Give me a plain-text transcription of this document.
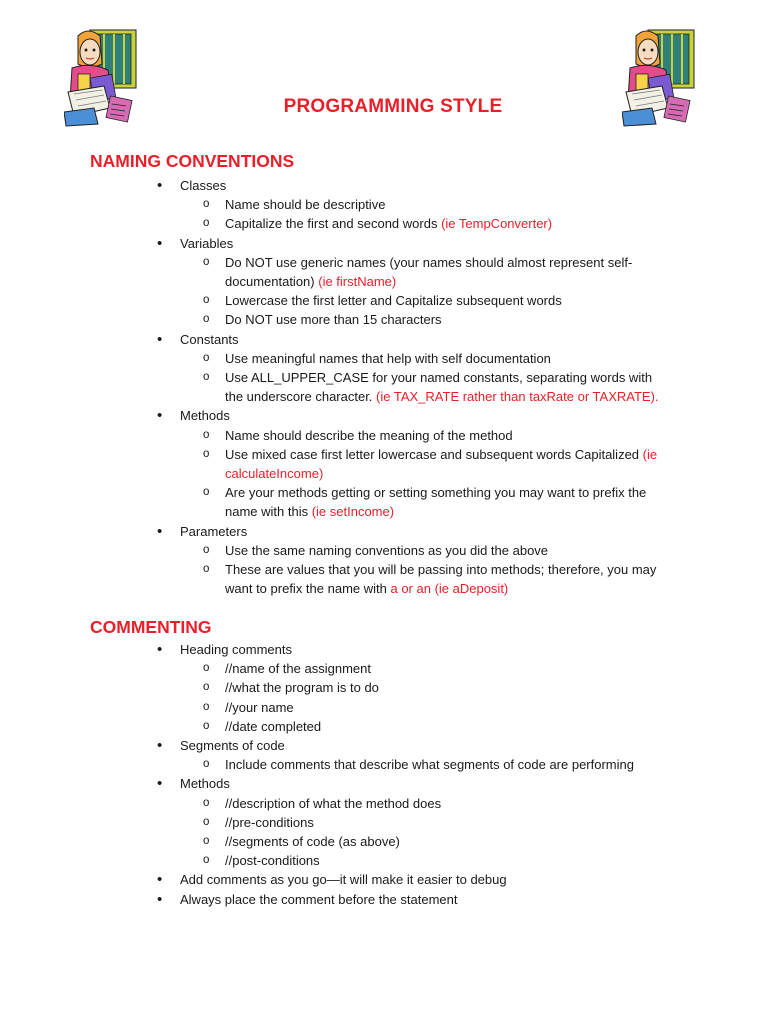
PROGRAMMING STYLE
NAMING CONVENTIONS
• Classes
o Name should be descriptive
o Capitalize the first and second words (ie TempConverter)
• Variables
o Do NOT use generic names (your names should almost represent self-documentation) (ie firstName)
o Lowercase the first letter and Capitalize subsequent words
o Do NOT use more than 15 characters
• Constants
o Use meaningful names that help with self documentation
o Use ALL_UPPER_CASE for your named constants, separating words with the underscore character. (ie TAX_RATE rather than taxRate or TAXRATE).
• Methods
o Name should describe the meaning of the method
o Use mixed case first letter lowercase and subsequent words Capitalized (ie calculateIncome)
o Are your methods getting or setting something you may want to prefix the name with this (ie setIncome)
• Parameters
o Use the same naming conventions as you did the above
o These are values that you will be passing into methods; therefore, you may want to prefix the name with a or an (ie aDeposit)
COMMENTING
• Heading comments
o //name of the assignment
o //what the program is to do
o //your name
o //date completed
• Segments of code
o Include comments that describe what segments of code are performing
• Methods
o //description of what the method does
o //pre-conditions
o //segments of code (as above)
o //post-conditions
• Add comments as you go—it will make it easier to debug
• Always place the comment before the statement
